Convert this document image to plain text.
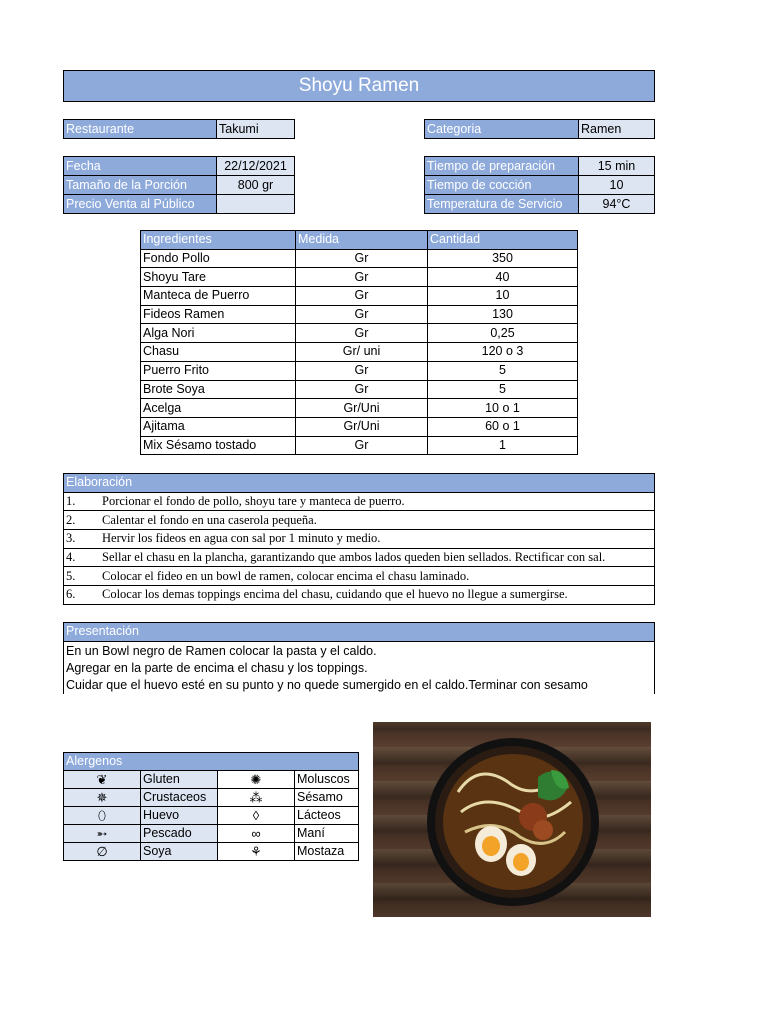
Shoyu Ramen
Restaurante	Takumi	Categoria	Ramen
Fecha	22/12/2021
Tamaño de la Porción	800 gr
Precio Venta al Público	
Tiempo de preparación	15 min
Tiempo de cocción	10
Temperatura de Servicio	94°C
Ingredientes	Medida	Cantidad
Fondo Pollo	Gr	350
Shoyu Tare	Gr	40
Manteca de Puerro	Gr	10
Fideos Ramen	Gr	130
Alga Nori	Gr	0,25
Chasu	Gr/ uni	120 o 3
Puerro Frito	Gr	5
Brote Soya	Gr	5
Acelga	Gr/Uni	10 o 1
Ajitama	Gr/Uni	60 o 1
Mix Sésamo tostado	Gr	1
Elaboración
1. Porcionar el fondo de pollo, shoyu tare y manteca de puerro.
2. Calentar el fondo en una caserola pequeña.
3. Hervir los fideos en agua con sal por 1 minuto y medio.
4. Sellar el chasu en la plancha, garantizando que ambos lados queden bien sellados. Rectificar con sal.
5. Colocar el fideo en un bowl de ramen, colocar encima el chasu laminado.
6. Colocar los demas toppings encima del chasu, cuidando que el huevo no llegue a sumergirse.
Presentación

En un Bowl negro de Ramen colocar la pasta y el caldo.
Agregar en la parte de encima el chasu y los toppings.
Cuidar que el huevo esté en su punto y no quede sumergido en el caldo.Terminar con sesamo
Alergenos			
❦	Gluten	✺	Moluscos
✵	Crustaceos	⁂	Sésamo
⬯	Huevo	◊	Lácteos
➵	Pescado	∞	Maní
∅	Soya	⚘	Mostaza
